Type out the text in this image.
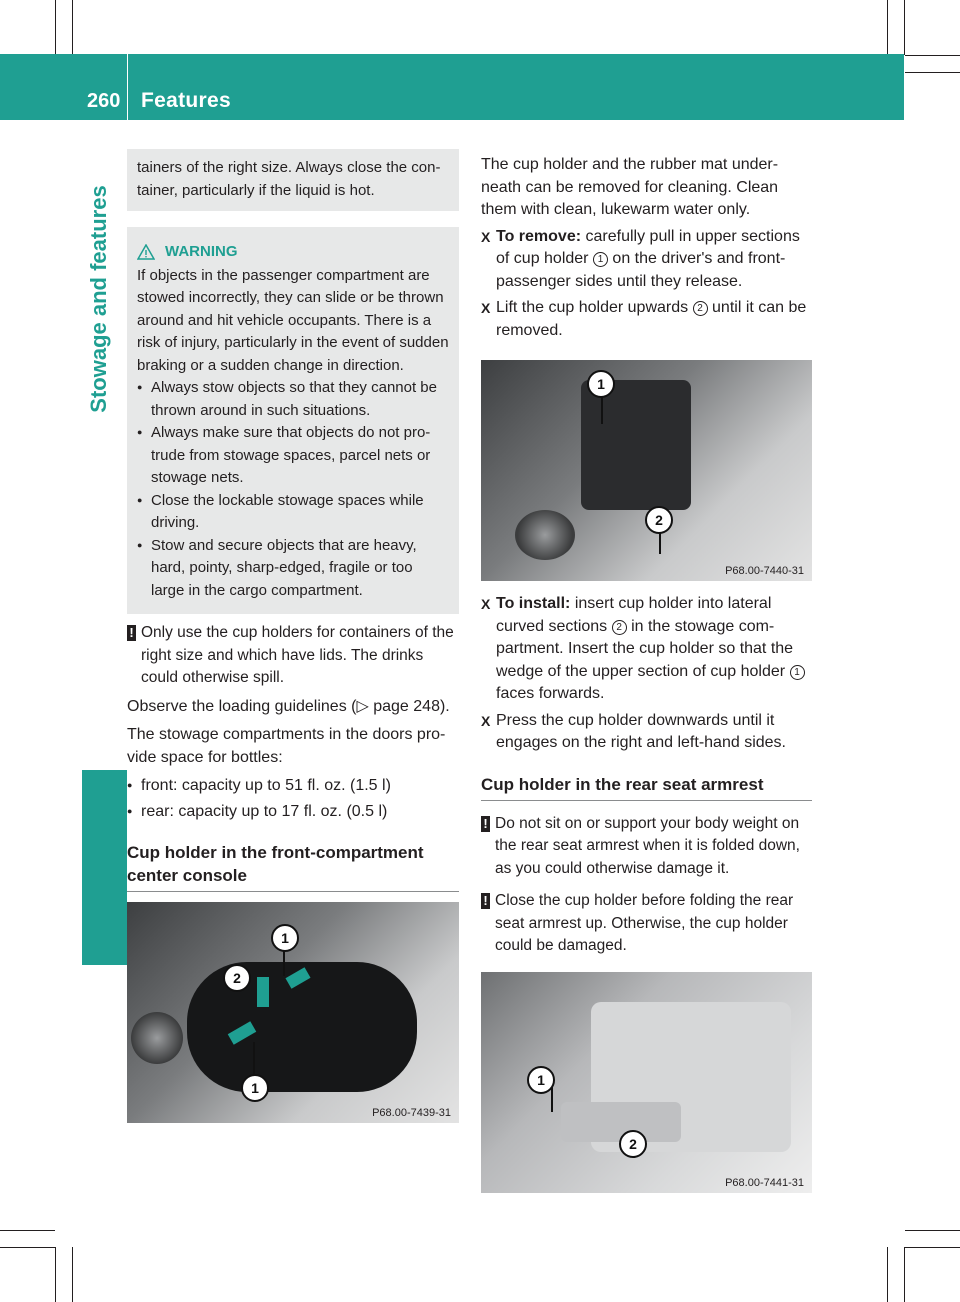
260 Features
Stowage and features
tainers of the right size. Always close the con- tainer, particularly if the liquid is hot.
WARNING

If objects in the passenger compartment are stowed incorrectly, they can slide or be thrown around and hit vehicle occupants. There is a risk of injury, particularly in the event of sudden braking or a sudden change in direction.

● Always stow objects so that they cannot be thrown around in such situations.
● Always make sure that objects do not pro- trude from stowage spaces, parcel nets or stowage nets.
● Close the lockable stowage spaces while driving.
● Stow and secure objects that are heavy, hard, pointy, sharp-edged, fragile or too large in the cargo compartment.
! Only use the cup holders for containers of the right size and which have lids. The drinks could otherwise spill.

Observe the loading guidelines (▷ page 248).

The stowage compartments in the doors pro- vide space for bottles:

● front: capacity up to 51 fl. oz. (1.5 l)
● rear: capacity up to 17 fl. oz. (0.5 l)
Cup holder in the front-compartment center console
1
2
1
P68.00-7439-31

The cup holder and the rubber mat under- neath can be removed for cleaning. Clean them with clean, lukewarm water only.

X To remove: carefully pull in upper sections of cup holder 1 on the driver's and front- passenger sides until they release.
X Lift the cup holder upwards 2 until it can be removed.
1
2
P68.00-7440-31
X To install: insert cup holder into lateral curved sections 2 in the stowage com- partment. Insert the cup holder so that the wedge of the upper section of cup holder 1 faces forwards.
X Press the cup holder downwards until it engages on the right and left-hand sides.
Cup holder in the rear seat armrest
! Do not sit on or support your body weight on the rear seat armrest when it is folded down, as you could otherwise damage it.
! Close the cup holder before folding the rear seat armrest up. Otherwise, the cup holder could be damaged.
1
2
P68.00-7441-31
